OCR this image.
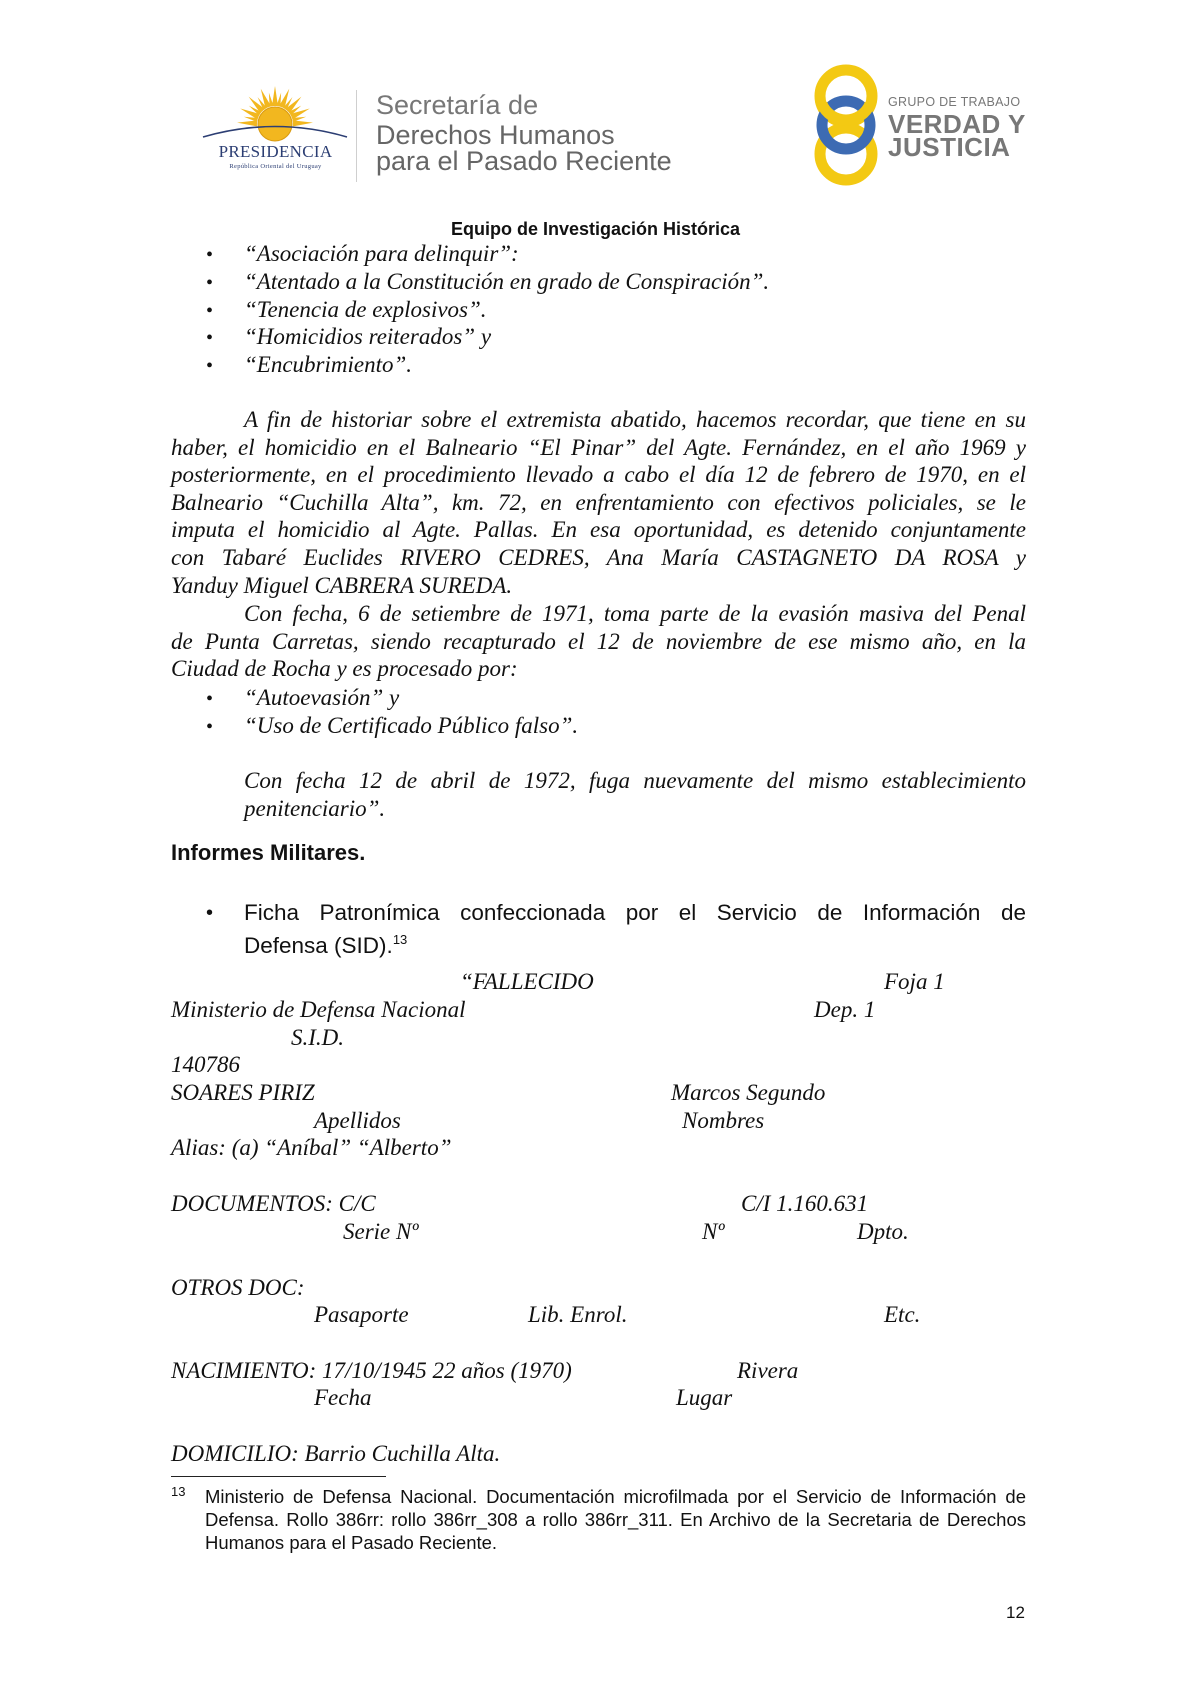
PRESIDENCIA
República Oriental del Uruguay
Secretaría de
Derechos Humanos
para el Pasado Reciente
GRUPO DE TRABAJO
VERDAD Y
JUSTICIA
Equipo de Investigación Histórica
• “Asociación para delinquir”:
• “Atentado a la Constitución en grado de Conspiración”.
• “Tenencia de explosivos”.
• “Homicidios reiterados” y
• “Encubrimiento”.
A fin de historiar sobre el extremista abatido, hacemos recordar, que tiene en su
haber, el homicidio en el Balneario “El Pinar” del Agte. Fernández, en el año 1969 y
posteriormente, en el procedimiento llevado a cabo el día 12 de febrero de 1970, en el
Balneario “Cuchilla Alta”, km. 72, en enfrentamiento con efectivos policiales, se le
imputa el homicidio al Agte. Pallas. En esa oportunidad, es detenido conjuntamente
con Tabaré Euclides RIVERO CEDRES, Ana María CASTAGNETO DA ROSA y
Yanduy Miguel CABRERA SUREDA.
Con fecha, 6 de setiembre de 1971, toma parte de la evasión masiva del Penal
de Punta Carretas, siendo recapturado el 12 de noviembre de ese mismo año, en la
Ciudad de Rocha y es procesado por:
• “Autoevasión” y
• “Uso de Certificado Público falso”.
Con fecha 12 de abril de 1972, fuga nuevamente del mismo establecimiento
penitenciario”.
Informes Militares.
• Ficha Patronímica confeccionada por el Servicio de Información de
Defensa (SID).$^{13}$
“FALLECIDO	Foja 1
Ministerio de Defensa Nacional	Dep. 1
S.I.D.
140786
SOARES PIRIZ	Marcos Segundo
Apellidos	Nombres
Alias: (a) “Aníbal” “Alberto”
DOCUMENTOS: C/C	C/I 1.160.631
Serie Nº	Nº	Dpto.
OTROS DOC:
Pasaporte	Lib. Enrol.	Etc.
NACIMIENTO: 17/10/1945 22 años (1970)	Rivera
Fecha	Lugar
DOMICILIO: Barrio Cuchilla Alta.
13 Ministerio de Defensa Nacional. Documentación microfilmada por el Servicio de Información de Defensa. Rollo 386rr: rollo 386rr_308 a rollo 386rr_311. En Archivo de la Secretaria de Derechos Humanos para el Pasado Reciente.
12
